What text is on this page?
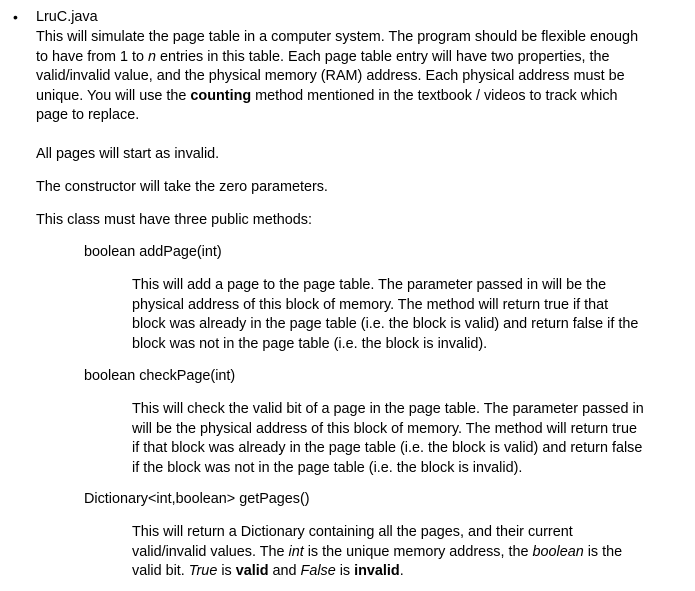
• LruC.java
This will simulate the page table in a computer system. The program should be flexible enough
to have from 1 to n entries in this table. Each page table entry will have two properties, the
valid/invalid value, and the physical memory (RAM) address. Each physical address must be
unique. You will use the counting method mentioned in the textbook / videos to track which
page to replace.
All pages will start as invalid.
The constructor will take the zero parameters.
This class must have three public methods:
boolean addPage(int)
This will add a page to the page table. The parameter passed in will be the
physical address of this block of memory. The method will return true if that
block was already in the page table (i.e. the block is valid) and return false if the
block was not in the page table (i.e. the block is invalid).
boolean checkPage(int)
This will check the valid bit of a page in the page table. The parameter passed in
will be the physical address of this block of memory. The method will return true
if that block was already in the page table (i.e. the block is valid) and return false
if the block was not in the page table (i.e. the block is invalid).
Dictionary<int,boolean> getPages()
This will return a Dictionary containing all the pages, and their current
valid/invalid values. The int is the unique memory address, the boolean is the
valid bit. True is valid and False is invalid.
